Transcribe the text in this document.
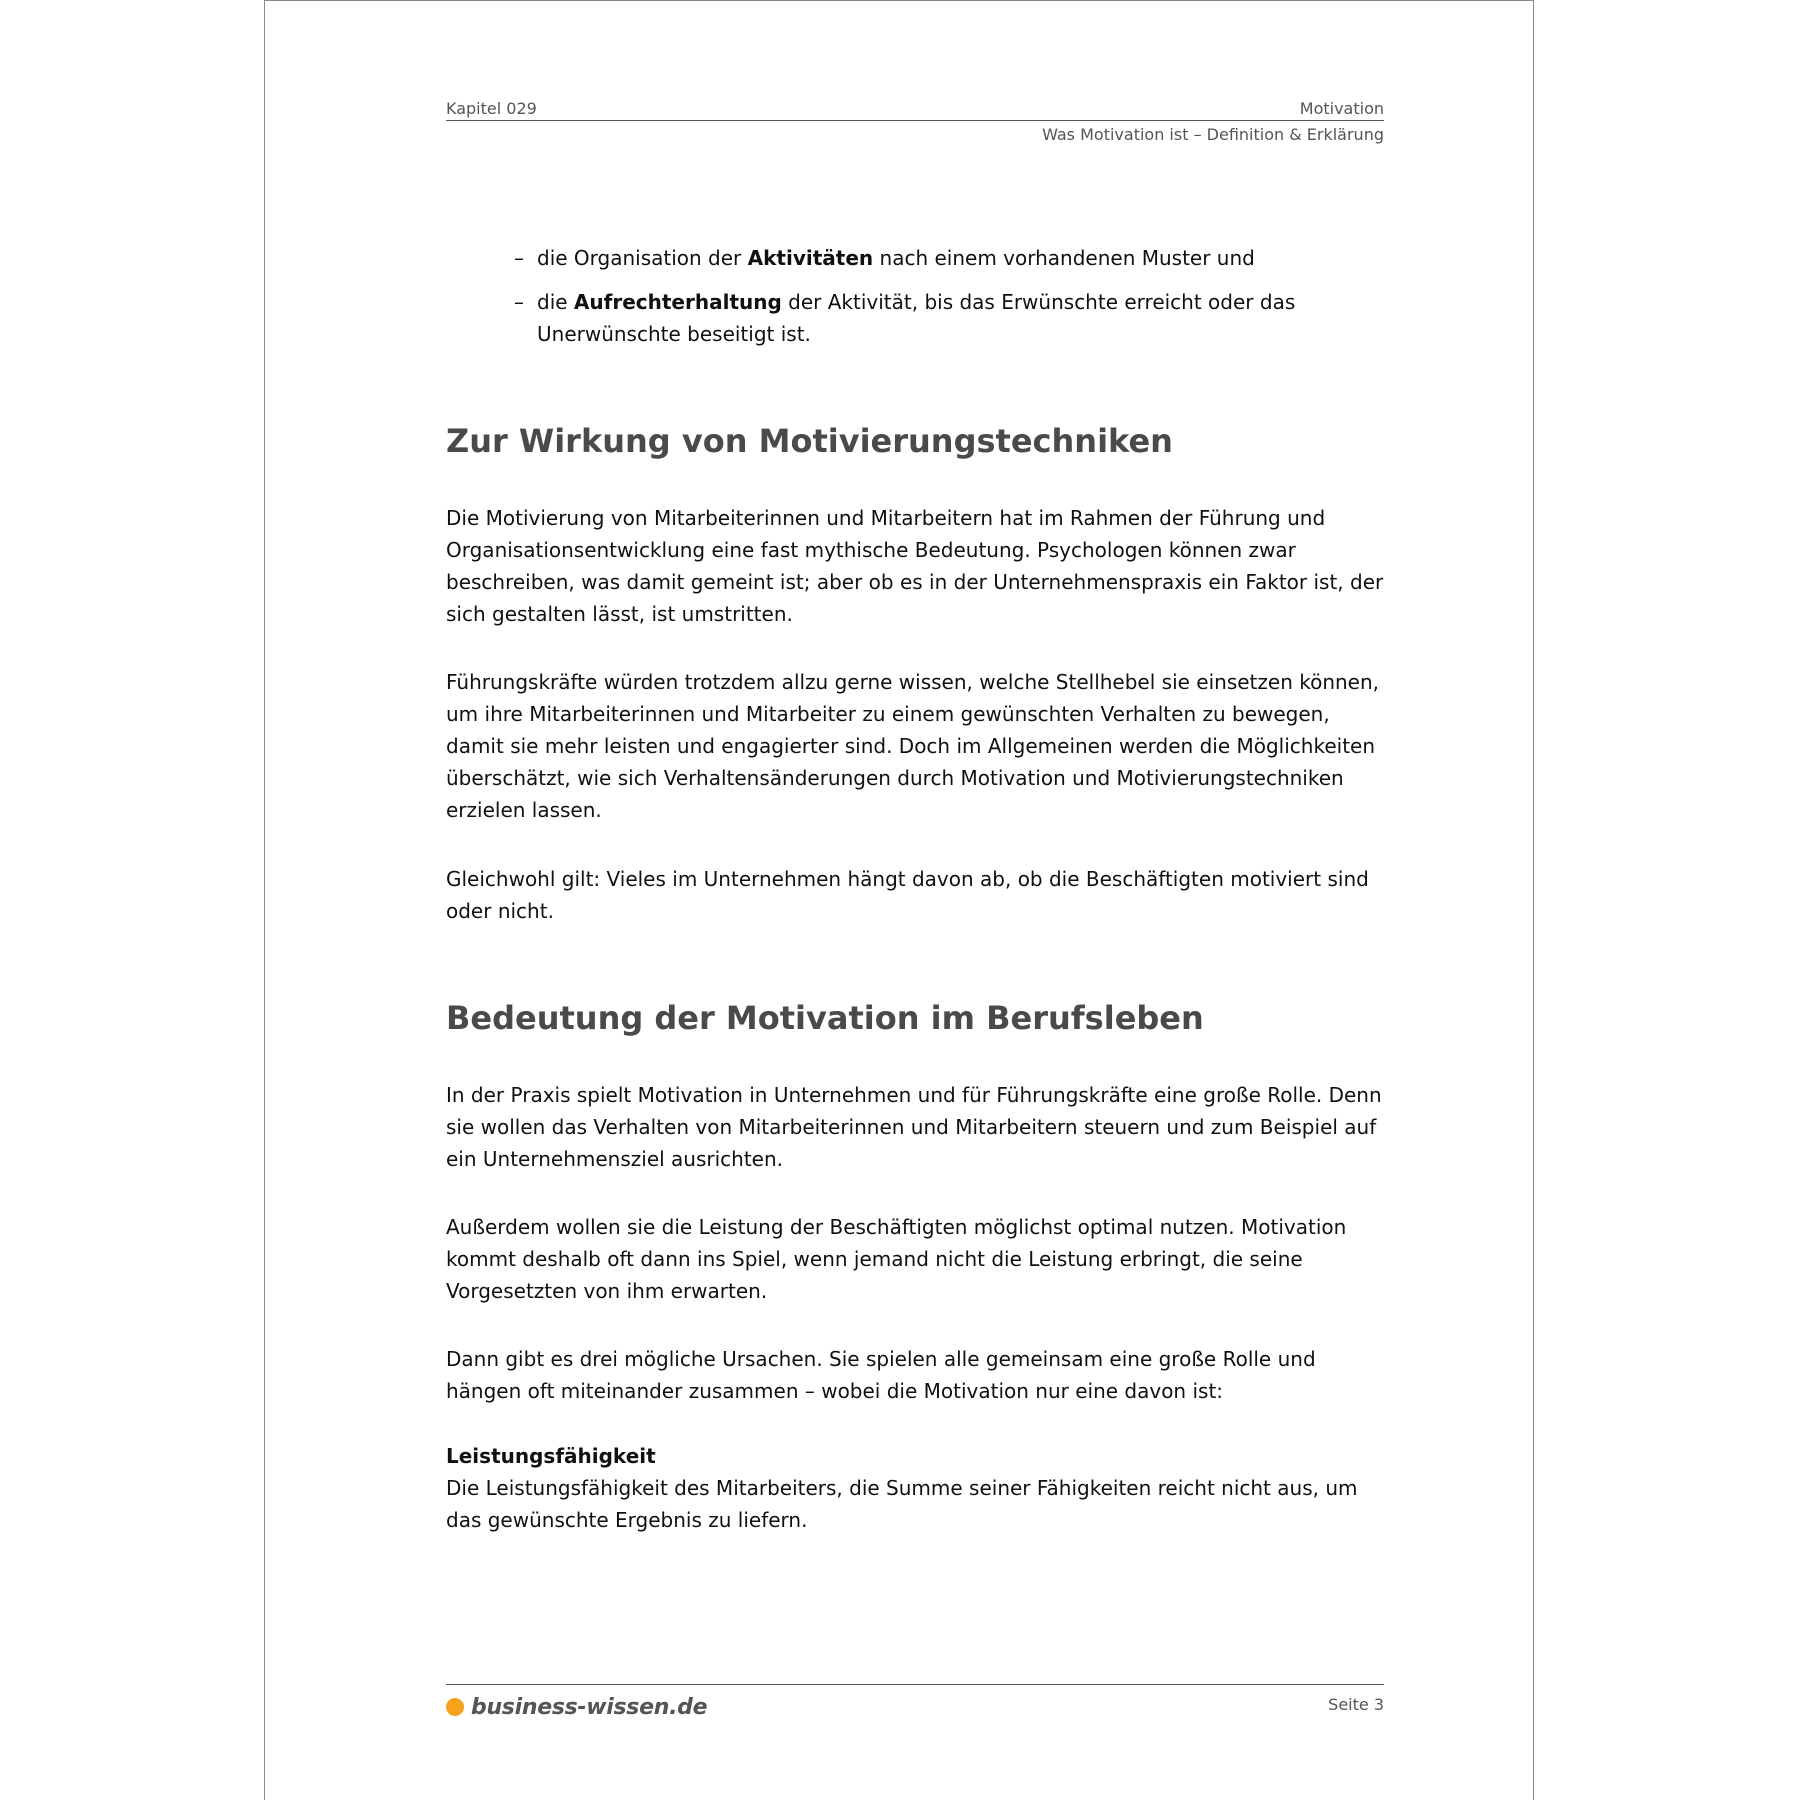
Kapitel 029	Motivation
Was Motivation ist – Definition & Erklärung
– die Organisation der Aktivitäten nach einem vorhandenen Muster und
– die Aufrechterhaltung der Aktivität, bis das Erwünschte erreicht oder das Unerwünschte beseitigt ist.
Zur Wirkung von Motivierungstechniken
Die Motivierung von Mitarbeiterinnen und Mitarbeitern hat im Rahmen der Führung und Organisationsentwicklung eine fast mythische Bedeutung. Psychologen können zwar beschreiben, was damit gemeint ist; aber ob es in der Unternehmenspraxis ein Faktor ist, der sich gestalten lässt, ist umstritten.
Führungskräfte würden trotzdem allzu gerne wissen, welche Stellhebel sie einsetzen können, um ihre Mitarbeiterinnen und Mitarbeiter zu einem gewünschten Verhalten zu bewegen, damit sie mehr leisten und engagierter sind. Doch im Allgemeinen werden die Möglichkeiten überschätzt, wie sich Verhaltensänderungen durch Motivation und Motivierungstechniken erzielen lassen.
Gleichwohl gilt: Vieles im Unternehmen hängt davon ab, ob die Beschäftigten motiviert sind oder nicht.
Bedeutung der Motivation im Berufsleben
In der Praxis spielt Motivation in Unternehmen und für Führungskräfte eine große Rolle. Denn sie wollen das Verhalten von Mitarbeiterinnen und Mitarbeitern steuern und zum Beispiel auf ein Unternehmensziel ausrichten.
Außerdem wollen sie die Leistung der Beschäftigten möglichst optimal nutzen. Motivation kommt deshalb oft dann ins Spiel, wenn jemand nicht die Leistung erbringt, die seine Vorgesetzten von ihm erwarten.
Dann gibt es drei mögliche Ursachen. Sie spielen alle gemeinsam eine große Rolle und hängen oft miteinander zusammen – wobei die Motivation nur eine davon ist:
Leistungsfähigkeit
Die Leistungsfähigkeit des Mitarbeiters, die Summe seiner Fähigkeiten reicht nicht aus, um das gewünschte Ergebnis zu liefern.
business-wissen.de	Seite 3
